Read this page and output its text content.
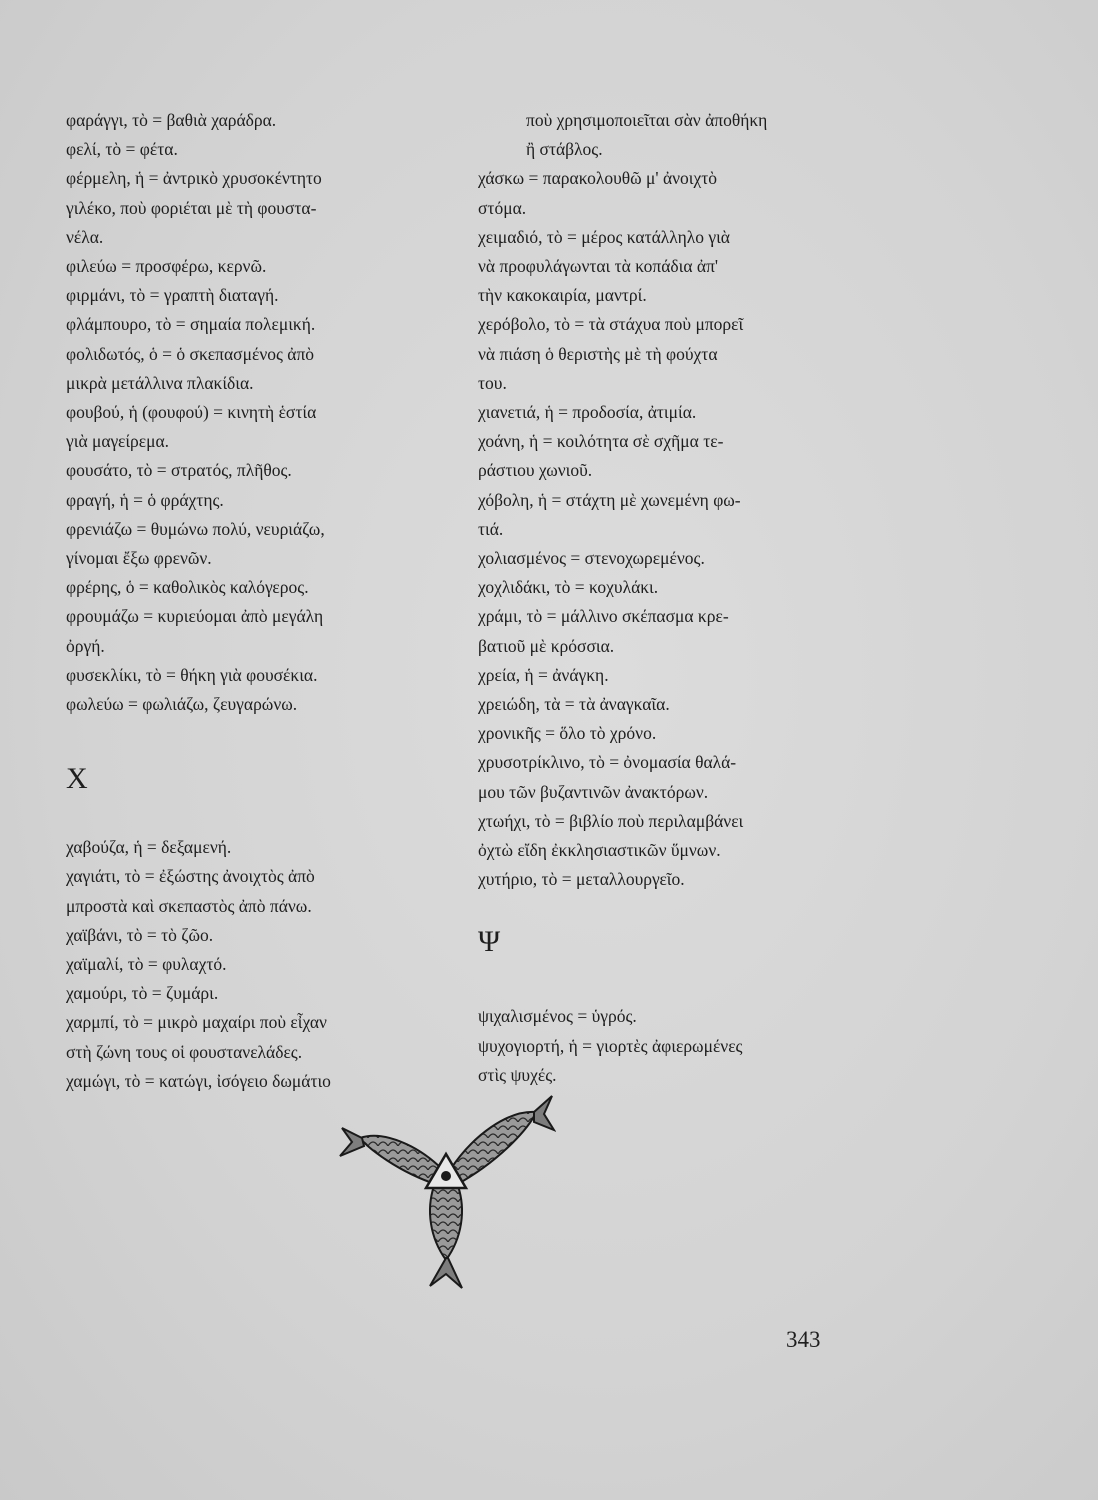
φαράγγι, τὸ = βαθιὰ χαράδρα.

φελί, τὸ = φέτα.

φέρμελη, ἡ = ἀντρικὸ χρυσοκέντητο
γιλέκο, ποὺ φοριέται μὲ τὴ φουστα-
νέλα.

φιλεύω = προσφέρω, κερνῶ.

φιρμάνι, τὸ = γραπτὴ διαταγή.

φλάμπουρο, τὸ = σημαία πολεμική.

φολιδωτός, ὁ = ὁ σκεπασμένος ἀπὸ
μικρὰ μετάλλινα πλακίδια.

φουβού, ἡ (φουφού) = κινητὴ ἑστία
γιὰ μαγείρεμα.

φουσάτο, τὸ = στρατός, πλῆθος.

φραγή, ἡ = ὁ φράχτης.

φρενιάζω = θυμώνω πολύ, νευριάζω,
γίνομαι ἔξω φρενῶν.

φρέρης, ὁ = καθολικὸς καλόγερος.

φρουμάζω = κυριεύομαι ἀπὸ μεγάλη
ὀργή.

φυσεκλίκι, τὸ = θήκη γιὰ φουσέκια.

φωλεύω = φωλιάζω, ζευγαρώνω.

Χ

χαβούζα, ἡ = δεξαμενή.

χαγιάτι, τὸ = ἐξώστης ἀνοιχτὸς ἀπὸ
μπροστὰ καὶ σκεπαστὸς ἀπὸ πάνω.

χαϊβάνι, τὸ = τὸ ζῶο.

χαϊμαλί, τὸ = φυλαχτό.

χαμούρι, τὸ = ζυμάρι.

χαρμπί, τὸ = μικρὸ μαχαίρι ποὺ εἶχαν
στὴ ζώνη τους οἱ φουστανελάδες.

χαμώγι, τὸ = κατώγι, ἰσόγειο δωμάτιο

ποὺ χρησιμοποιεῖται σὰν ἀποθήκη
ἢ στάβλος.

χάσκω = παρακολουθῶ μ' ἀνοιχτὸ
στόμα.

χειμαδιό, τὸ = μέρος κατάλληλο γιὰ
νὰ προφυλάγωνται τὰ κοπάδια ἀπ'
τὴν κακοκαιρία, μαντρί.

χερόβολο, τὸ = τὰ στάχυα ποὺ μπορεῖ
νὰ πιάση ὁ θεριστὴς μὲ τὴ φούχτα
του.

χιανετιά, ἡ = προδοσία, ἀτιμία.

χοάνη, ἡ = κοιλότητα σὲ σχῆμα τε-
ράστιου χωνιοῦ.

χόβολη, ἡ = στάχτη μὲ χωνεμένη φω-
τιά.

χολιασμένος = στενοχωρεμένος.

χοχλιδάκι, τὸ = κοχυλάκι.

χράμι, τὸ = μάλλινο σκέπασμα κρε-
βατιοῦ μὲ κρόσσια.

χρεία, ἡ = ἀνάγκη.

χρειώδη, τὰ = τὰ ἀναγκαῖα.

χρονικῆς = ὅλο τὸ χρόνο.

χρυσοτρίκλινο, τὸ = ὀνομασία θαλά-
μου τῶν βυζαντινῶν ἀνακτόρων.

χτωήχι, τὸ = βιβλίο ποὺ περιλαμβάνει
ὀχτὼ εἴδη ἐκκλησιαστικῶν ὕμνων.

χυτήριο, τὸ = μεταλλουργεῖο.

Ψ

ψιχαλισμένος = ὑγρός.

ψυχογιορτή, ἡ = γιορτὲς ἀφιερωμένες
στὶς ψυχές.

343
